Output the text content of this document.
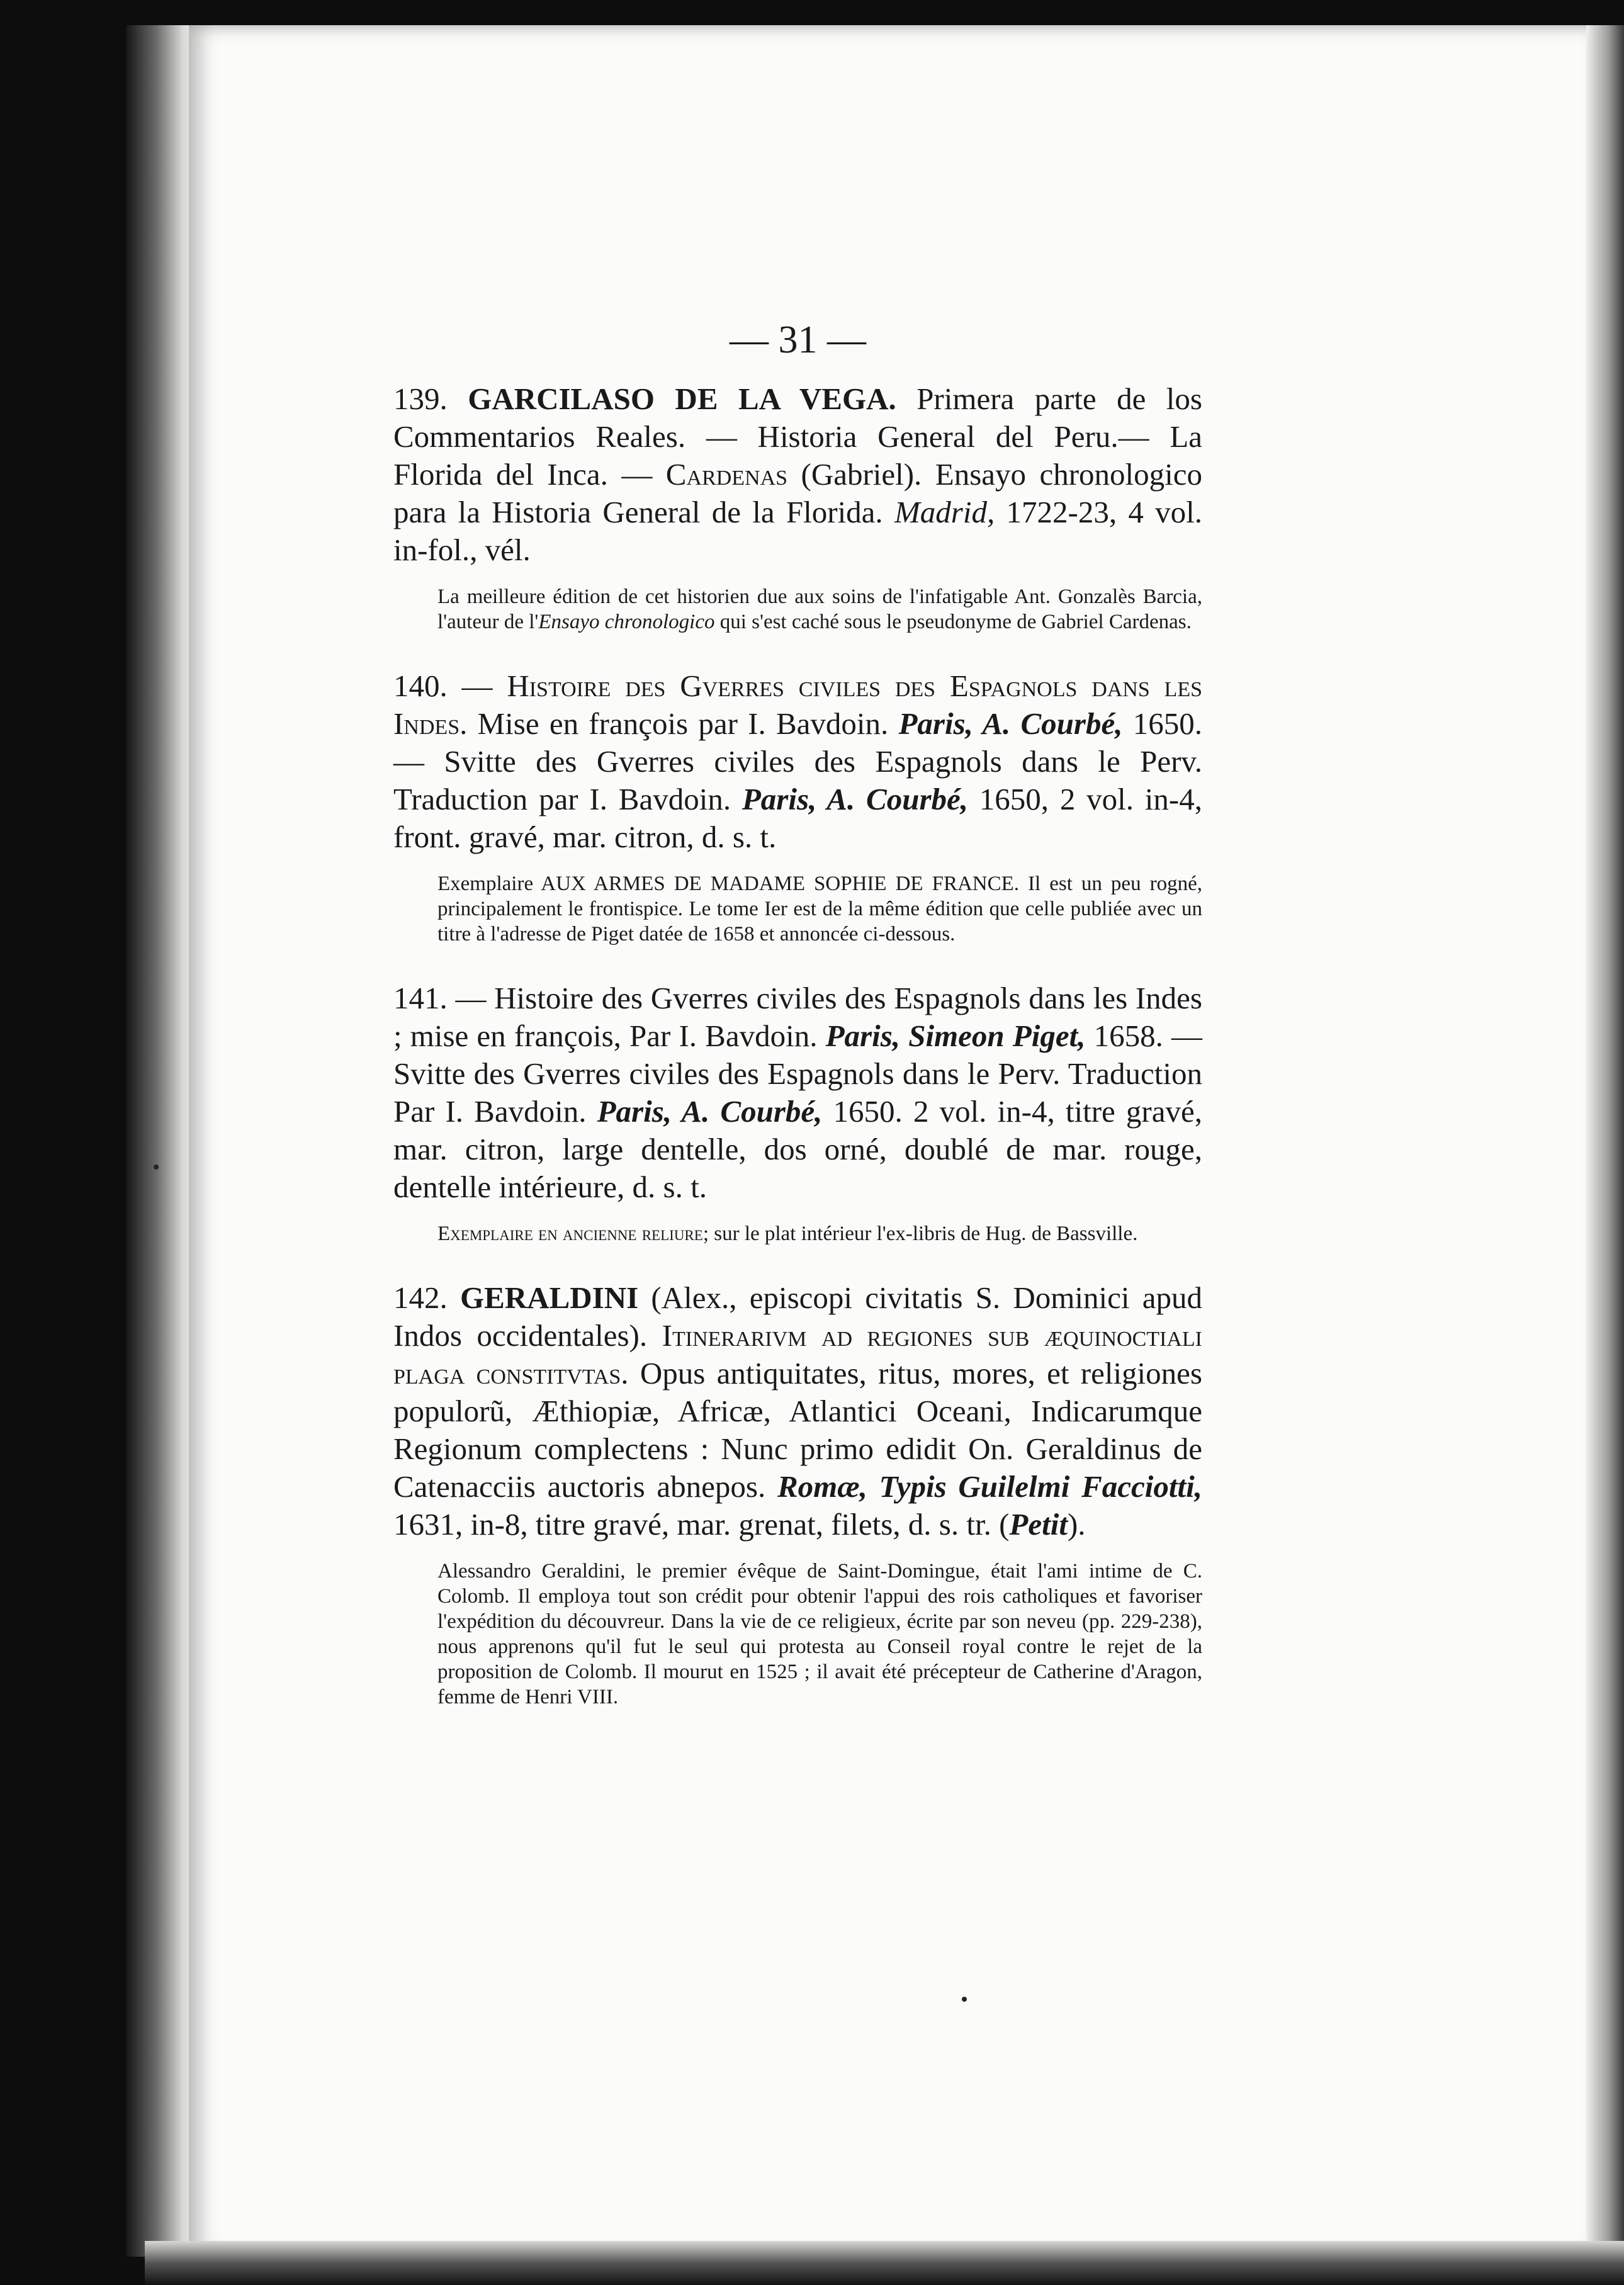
— 31 —

139. GARCILASO DE LA VEGA. Primera parte de los Commentarios Reales. — Historia General del Peru.— La Florida del Inca. — Cardenas (Gabriel). Ensayo chronologico para la Historia General de la Florida. Madrid, 1722-23, 4 vol. in-fol., vél.

La meilleure édition de cet historien due aux soins de l'infatigable Ant. Gonzalès Barcia, l'auteur de l'Ensayo chronologico qui s'est caché sous le pseudonyme de Gabriel Cardenas.

140. — Histoire des Gverres civiles des Espagnols dans les Indes. Mise en françois par I. Bavdoin. Paris, A. Courbé, 1650. — Svitte des Gverres civiles des Espagnols dans le Perv. Traduction par I. Bavdoin. Paris, A. Courbé, 1650, 2 vol. in-4, front. gravé, mar. citron, d. s. t.

Exemplaire AUX ARMES DE MADAME SOPHIE DE FRANCE. Il est un peu rogné, principalement le frontispice. Le tome Ier est de la même édition que celle publiée avec un titre à l'adresse de Piget datée de 1658 et annoncée ci-dessous.

141. — Histoire des Gverres civiles des Espagnols dans les Indes ; mise en françois, Par I. Bavdoin. Paris, Simeon Piget, 1658. — Svitte des Gverres civiles des Espagnols dans le Perv. Traduction Par I. Bavdoin. Paris, A. Courbé, 1650. 2 vol. in-4, titre gravé, mar. citron, large dentelle, dos orné, doublé de mar. rouge, dentelle intérieure, d. s. t.

Exemplaire en ancienne reliure; sur le plat intérieur l'ex-libris de Hug. de Bassville.

142. GERALDINI (Alex., episcopi civitatis S. Dominici apud Indos occidentales). Itinerarivm ad regiones sub æquinoctiali plaga constitvtas. Opus antiquitates, ritus, mores, et religiones populorũ, Æthiopiæ, Africæ, Atlantici Oceani, Indicarumque Regionum complectens : Nunc primo edidit On. Geraldinus de Catenacciis auctoris abnepos. Romæ, Typis Guilelmi Facciotti, 1631, in-8, titre gravé, mar. grenat, filets, d. s. tr. (Petit).

Alessandro Geraldini, le premier évêque de Saint-Domingue, était l'ami intime de C. Colomb. Il employa tout son crédit pour obtenir l'appui des rois catholiques et favoriser l'expédition du découvreur. Dans la vie de ce religieux, écrite par son neveu (pp. 229-238), nous apprenons qu'il fut le seul qui protesta au Conseil royal contre le rejet de la proposition de Colomb. Il mourut en 1525 ; il avait été précepteur de Catherine d'Aragon, femme de Henri VIII.
